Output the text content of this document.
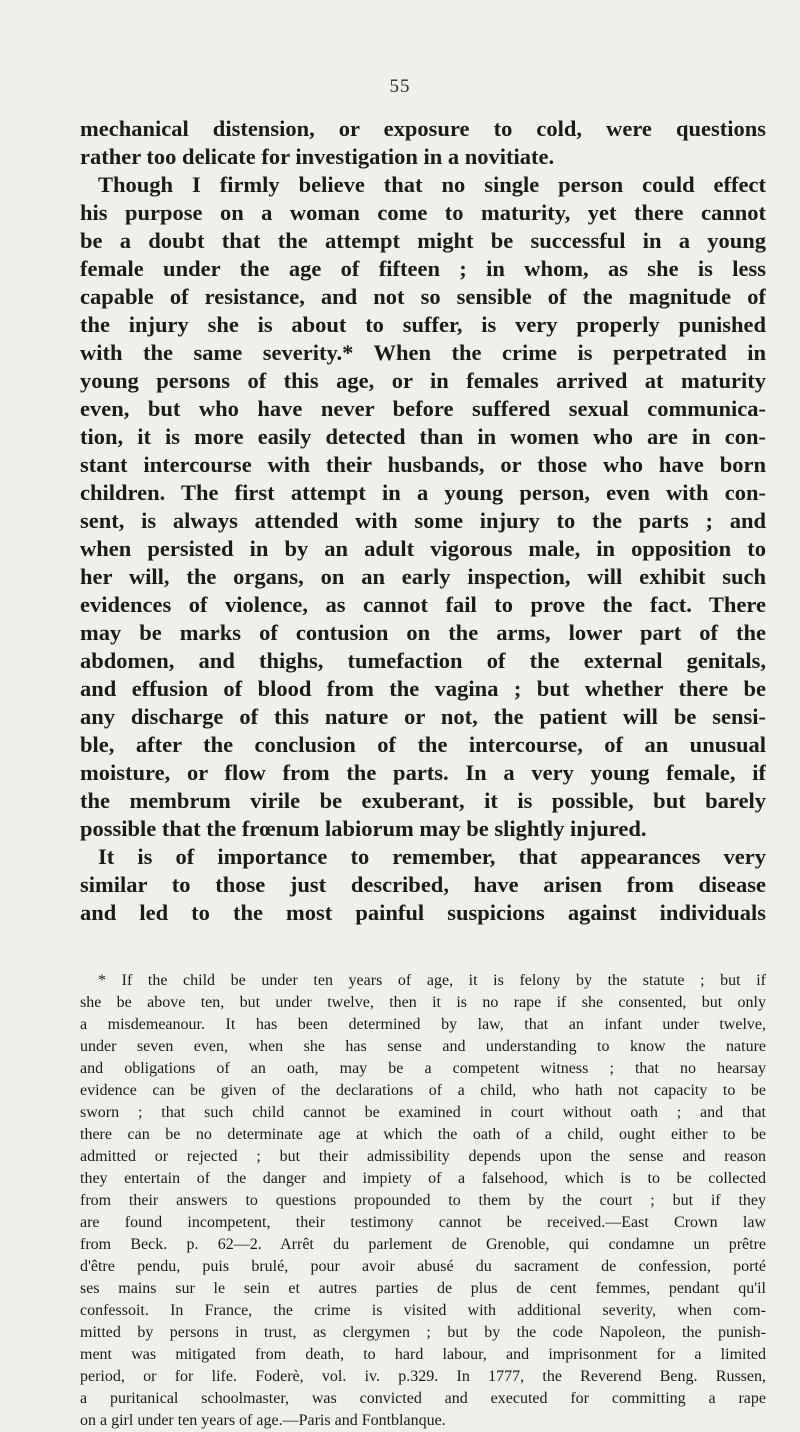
55
mechanical distension, or exposure to cold, were questions
rather too delicate for investigation in a novitiate.
Though I firmly believe that no single person could effect
his purpose on a woman come to maturity, yet there cannot
be a doubt that the attempt might be successful in a young
female under the age of fifteen ; in whom, as she is less
capable of resistance, and not so sensible of the magnitude of
the injury she is about to suffer, is very properly punished
with the same severity.* When the crime is perpetrated in
young persons of this age, or in females arrived at maturity
even, but who have never before suffered sexual communica-
tion, it is more easily detected than in women who are in con-
stant intercourse with their husbands, or those who have born
children. The first attempt in a young person, even with con-
sent, is always attended with some injury to the parts ; and
when persisted in by an adult vigorous male, in opposition to
her will, the organs, on an early inspection, will exhibit such
evidences of violence, as cannot fail to prove the fact. There
may be marks of contusion on the arms, lower part of the
abdomen, and thighs, tumefaction of the external genitals,
and effusion of blood from the vagina ; but whether there be
any discharge of this nature or not, the patient will be sensi-
ble, after the conclusion of the intercourse, of an unusual
moisture, or flow from the parts. In a very young female, if
the membrum virile be exuberant, it is possible, but barely
possible that the frœnum labiorum may be slightly injured.
It is of importance to remember, that appearances very
similar to those just described, have arisen from disease
and led to the most painful suspicions against individuals
* If the child be under ten years of age, it is felony by the statute ; but if
she be above ten, but under twelve, then it is no rape if she consented, but only
a misdemeanour. It has been determined by law, that an infant under twelve,
under seven even, when she has sense and understanding to know the nature
and obligations of an oath, may be a competent witness ; that no hearsay
evidence can be given of the declarations of a child, who hath not capacity to be
sworn ; that such child cannot be examined in court without oath ; and that
there can be no determinate age at which the oath of a child, ought either to be
admitted or rejected ; but their admissibility depends upon the sense and reason
they entertain of the danger and impiety of a falsehood, which is to be collected
from their answers to questions propounded to them by the court ; but if they
are found incompetent, their testimony cannot be received.—East Crown law
from Beck. p. 62—2. Arrêt du parlement de Grenoble, qui condamne un prêtre
d'être pendu, puis brulé, pour avoir abusé du sacrament de confession, porté
ses mains sur le sein et autres parties de plus de cent femmes, pendant qu'il
confessoit. In France, the crime is visited with additional severity, when com-
mitted by persons in trust, as clergymen ; but by the code Napoleon, the punish-
ment was mitigated from death, to hard labour, and imprisonment for a limited
period, or for life. Foderè, vol. iv. p.329. In 1777, the Reverend Beng. Russen,
a puritanical schoolmaster, was convicted and executed for committing a rape
on a girl under ten years of age.—Paris and Fontblanque.
